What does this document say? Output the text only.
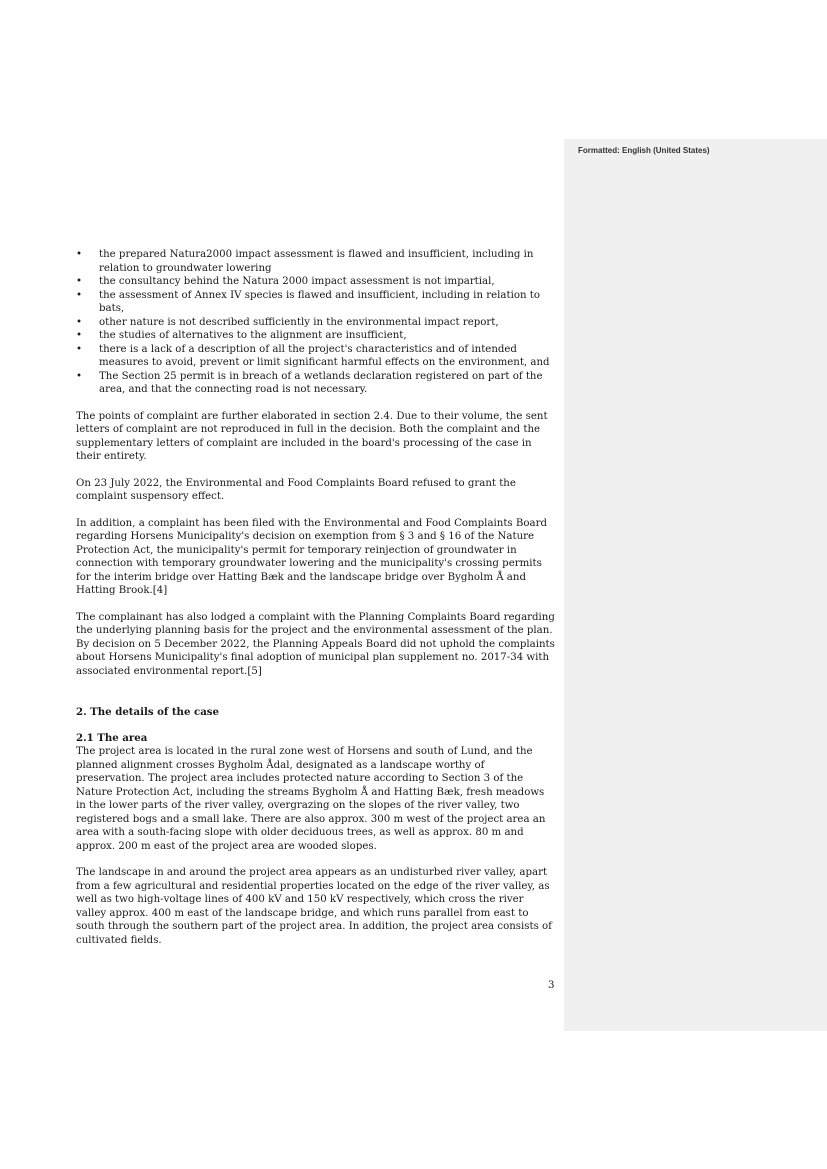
Formatted: English (United States)
• the prepared Natura2000 impact assessment is flawed and insufficient, including in relation to groundwater lowering
• the consultancy behind the Natura 2000 impact assessment is not impartial,
• the assessment of Annex IV species is flawed and insufficient, including in relation to bats,
• other nature is not described sufficiently in the environmental impact report,
• the studies of alternatives to the alignment are insufficient,
• there is a lack of a description of all the project's characteristics and of intended measures to avoid, prevent or limit significant harmful effects on the environment, and
• The Section 25 permit is in breach of a wetlands declaration registered on part of the area, and that the connecting road is not necessary.

The points of complaint are further elaborated in section 2.4. Due to their volume, the sent letters of complaint are not reproduced in full in the decision. Both the complaint and the supplementary letters of complaint are included in the board's processing of the case in their entirety.

On 23 July 2022, the Environmental and Food Complaints Board refused to grant the complaint suspensory effect.

In addition, a complaint has been filed with the Environmental and Food Complaints Board regarding Horsens Municipality's decision on exemption from § 3 and § 16 of the Nature Protection Act, the municipality's permit for temporary reinjection of groundwater in connection with temporary groundwater lowering and the municipality's crossing permits for the interim bridge over Hatting Bæk and the landscape bridge over Bygholm Å and Hatting Brook.[4]

The complainant has also lodged a complaint with the Planning Complaints Board regarding the underlying planning basis for the project and the environmental assessment of the plan. By decision on 5 December 2022, the Planning Appeals Board did not uphold the complaints about Horsens Municipality's final adoption of municipal plan supplement no. 2017-34 with associated environmental report.[5]

2. The details of the case
2.1 The area

The project area is located in the rural zone west of Horsens and south of Lund, and the planned alignment crosses Bygholm Ådal, designated as a landscape worthy of preservation. The project area includes protected nature according to Section 3 of the Nature Protection Act, including the streams Bygholm Å and Hatting Bæk, fresh meadows in the lower parts of the river valley, overgrazing on the slopes of the river valley, two registered bogs and a small lake. There are also approx. 300 m west of the project area an area with a south-facing slope with older deciduous trees, as well as approx. 80 m and approx. 200 m east of the project area are wooded slopes.

The landscape in and around the project area appears as an undisturbed river valley, apart from a few agricultural and residential properties located on the edge of the river valley, as well as two high-voltage lines of 400 kV and 150 kV respectively, which cross the river valley approx. 400 m east of the landscape bridge, and which runs parallel from east to south through the southern part of the project area. In addition, the project area consists of cultivated fields.

3
